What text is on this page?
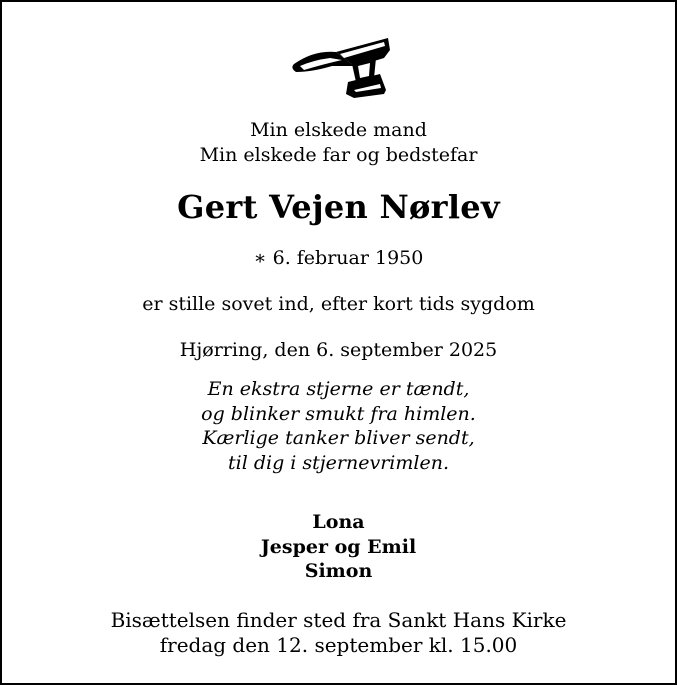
Min elskede mand
Min elskede far og bedstefar
Gert Vejen Nørlev
∗ 6. februar 1950
er stille sovet ind, efter kort tids sygdom
Hjørring, den 6. september 2025
En ekstra stjerne er tændt,
og blinker smukt fra himlen.
Kærlige tanker bliver sendt,
til dig i stjernevrimlen.
Lona
Jesper og Emil
Simon
Bisættelsen finder sted fra Sankt Hans Kirke
fredag den 12. september kl. 15.00
